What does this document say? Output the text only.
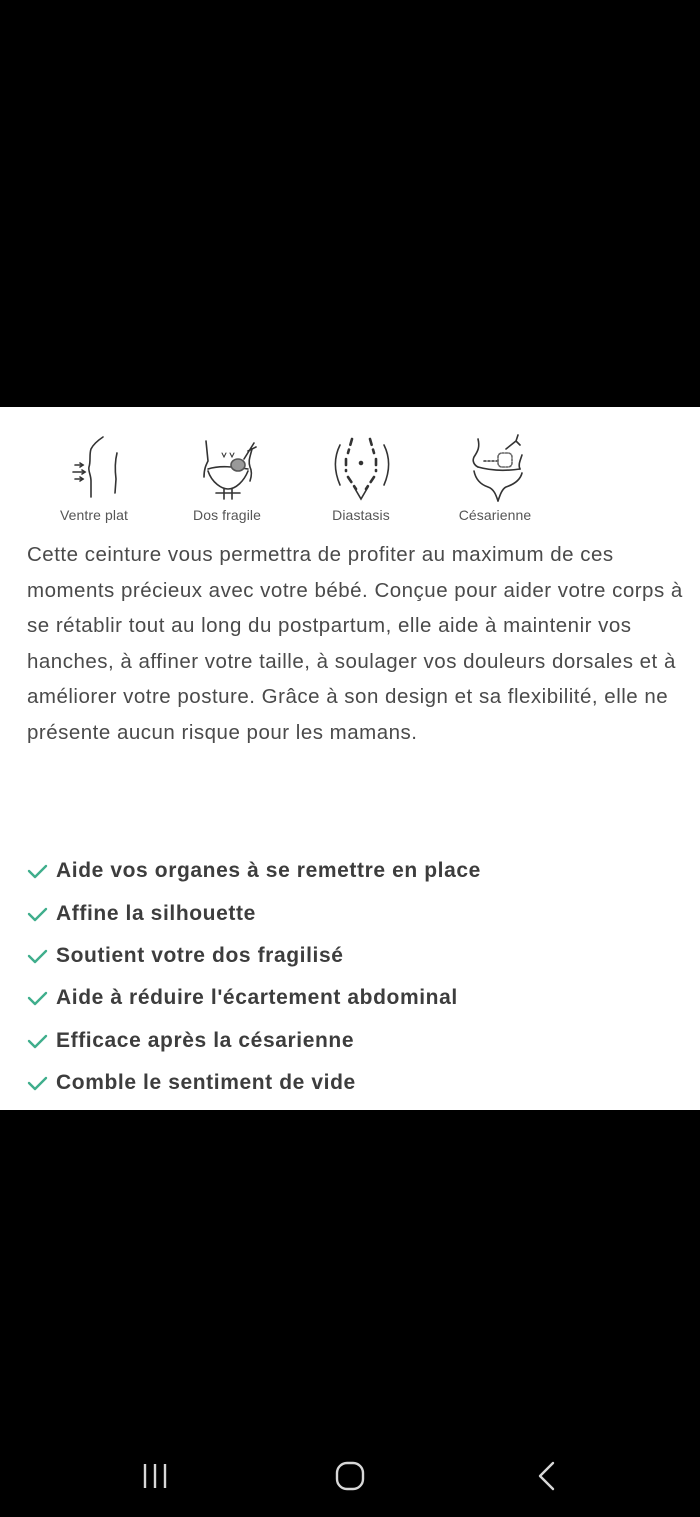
Ventre plat	Dos fragile	Diastasis	Césarienne

Cette ceinture vous permettra de profiter au maximum de ces moments précieux avec votre bébé. Conçue pour aider votre corps à se rétablir tout au long du postpartum, elle aide à maintenir vos hanches, à affiner votre taille, à soulager vos douleurs dorsales et à améliorer votre posture. Grâce à son design et sa flexibilité, elle ne présente aucun risque pour les mamans.

Aide vos organes à se remettre en place
Affine la silhouette
Soutient votre dos fragilisé
Aide à réduire l'écartement abdominal
Efficace après la césarienne
Comble le sentiment de vide
